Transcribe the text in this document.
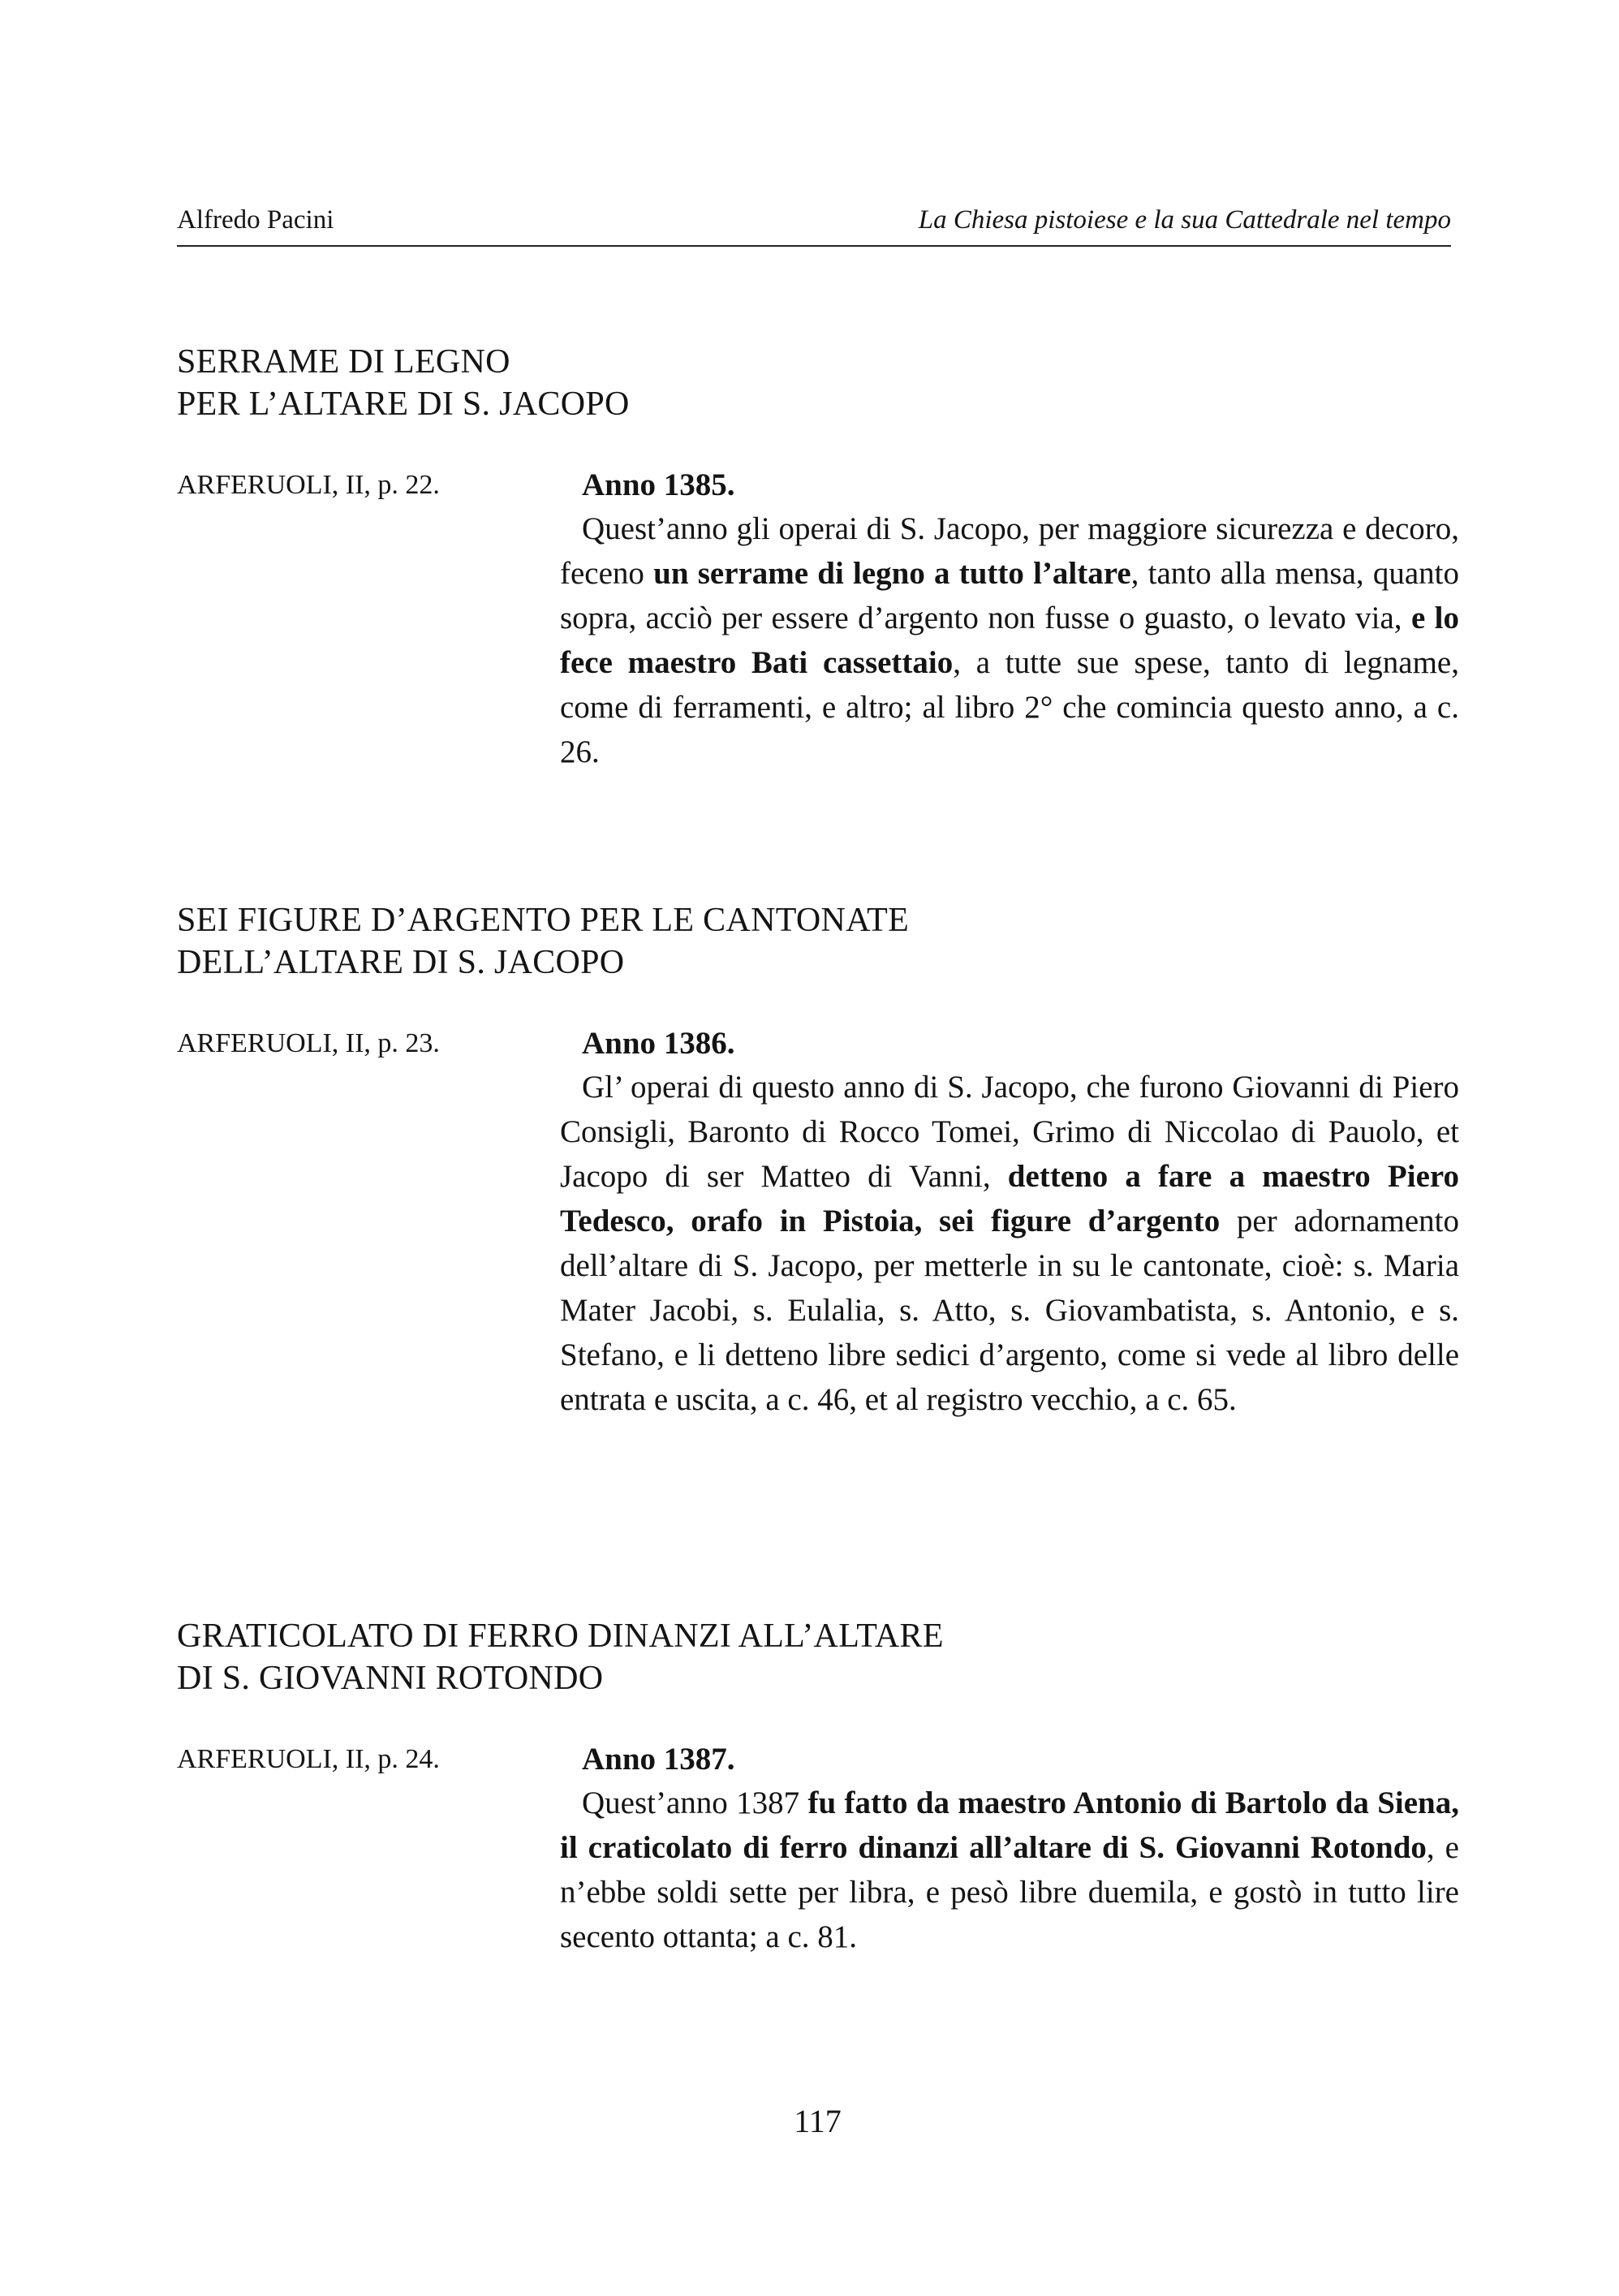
Alfredo Pacini	La Chiesa pistoiese e la sua Cattedrale nel tempo
SERRAME DI LEGNO
PER L’ALTARE DI S. JACOPO
ARFERUOLI, II, p. 22.	Anno 1385.

Quest’anno gli operai di S. Jacopo, per maggiore sicurezza e decoro, feceno un serrame di legno a tutto l’altare, tanto alla mensa, quanto sopra, acciò per essere d’argento non fusse o guasto, o levato via, e lo fece maestro Bati cassettaio, a tutte sue spese, tanto di legname, come di ferramenti, e altro; al libro 2° che comincia questo anno, a c. 26.

SEI FIGURE D’ARGENTO PER LE CANTONATE
DELL’ALTARE DI S. JACOPO
ARFERUOLI, II, p. 23.	Anno 1386.

Gl’ operai di questo anno di S. Jacopo, che furono Giovanni di Piero Consigli, Baronto di Rocco Tomei, Grimo di Niccolao di Pauolo, et Jacopo di ser Matteo di Vanni, detteno a fare a maestro Piero Tedesco, orafo in Pistoia, sei figure d’argento per adornamento dell’altare di S. Jacopo, per metterle in su le cantonate, cioè: s. Maria Mater Jacobi, s. Eulalia, s. Atto, s. Giovambatista, s. Antonio, e s. Stefano, e li detteno libre sedici d’argento, come si vede al libro delle entrata e uscita, a c. 46, et al registro vecchio, a c. 65.

GRATICOLATO DI FERRO DINANZI ALL’ALTARE
DI S. GIOVANNI ROTONDO
ARFERUOLI, II, p. 24.	Anno 1387.

Quest’anno 1387 fu fatto da maestro Antonio di Bartolo da Siena, il craticolato di ferro dinanzi all’altare di S. Giovanni Rotondo, e n’ebbe soldi sette per libra, e pesò libre duemila, e gostò in tutto lire secento ottanta; a c. 81.

117
